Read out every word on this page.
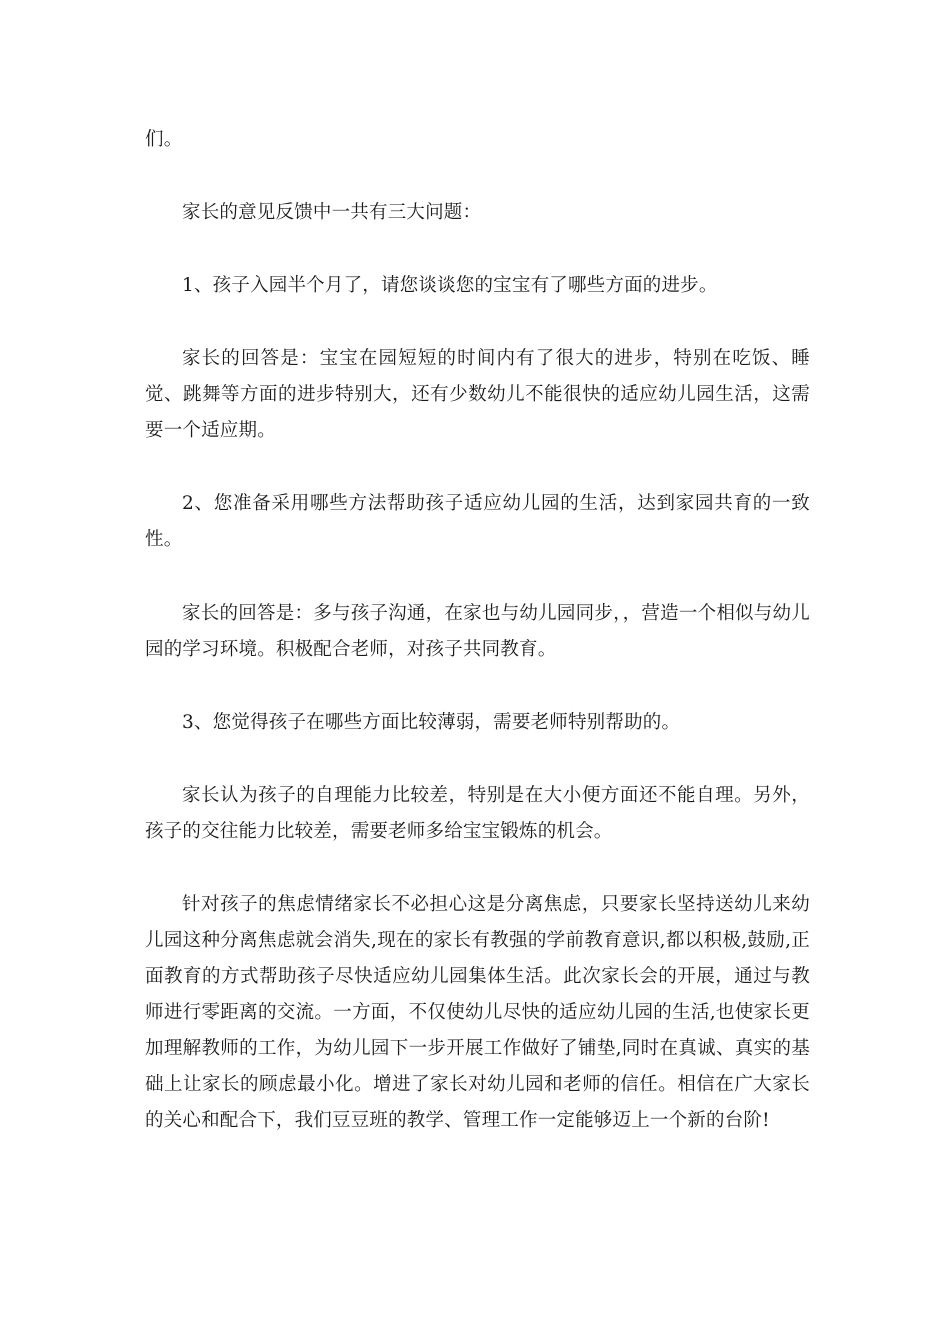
们。

家长的意见反馈中一共有三大问题：

1、孩子入园半个月了，请您谈谈您的宝宝有了哪些方面的进步。

家长的回答是：宝宝在园短短的时间内有了很大的进步，特别在吃饭、睡觉、跳舞等方面的进步特别大，还有少数幼儿不能很快的适应幼儿园生活，这需要一个适应期。

2、您准备采用哪些方法帮助孩子适应幼儿园的生活，达到家园共育的一致性。

家长的回答是：多与孩子沟通，在家也与幼儿园同步，，营造一个相似与幼儿园的学习环境。积极配合老师，对孩子共同教育。

3、您觉得孩子在哪些方面比较薄弱，需要老师特别帮助的。

家长认为孩子的自理能力比较差，特别是在大小便方面还不能自理。另外，孩子的交往能力比较差，需要老师多给宝宝锻炼的机会。

针对孩子的焦虑情绪家长不必担心这是分离焦虑，只要家长坚持送幼儿来幼儿园这种分离焦虑就会消失,现在的家长有教强的学前教育意识,都以积极,鼓励,正面教育的方式帮助孩子尽快适应幼儿园集体生活。此次家长会的开展，通过与教师进行零距离的交流。一方面，不仅使幼儿尽快的适应幼儿园的生活,也使家长更加理解教师的工作，为幼儿园下一步开展工作做好了铺垫,同时在真诚、真实的基础上让家长的顾虑最小化。增进了家长对幼儿园和老师的信任。相信在广大家长的关心和配合下，我们豆豆班的教学、管理工作一定能够迈上一个新的台阶!
